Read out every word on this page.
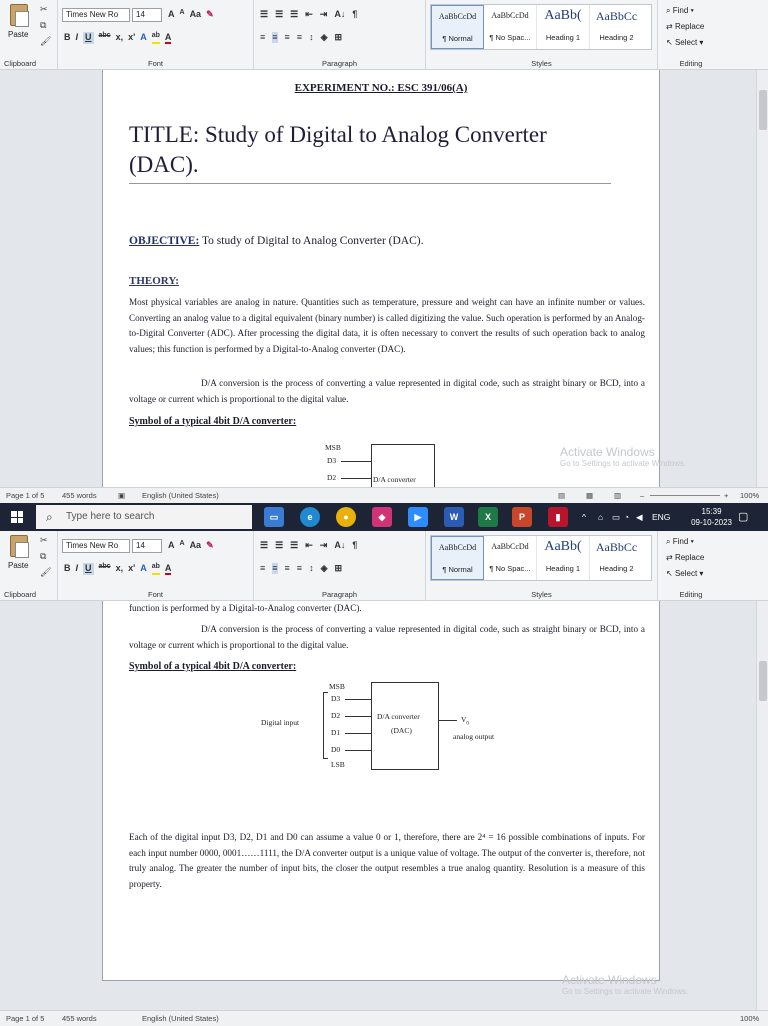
Paste
✂
⧉
🖌
Clipboard
Times New Ro	14	A A Aa ✎
B I U abc x, x' A ab A
Font
☰ ☰ ☰ ⇤ ⇥ A↓ ¶
≡ ≡ ≡ ≡ ↕ ◈ ⊞
Paragraph
AaBbCcDd
¶ Normal
AaBbCcDd
¶ No Spac...
AaBb(
Heading 1
AaBbCc
Heading 2
Styles
⌕ Find ▾
⇄ Replace
↖ Select ▾
Editing
EXPERIMENT NO.: ESC 391/06(A)
TITLE: Study of Digital to Analog Converter
(DAC).
OBJECTIVE: To study of Digital to Analog Converter (DAC).
THEORY:
Most physical variables are analog in nature. Quantities such as temperature, pressure and weight can have an infinite number or values. Converting an analog value to a digital equivalent (binary number) is called digitizing the value. Such operation is performed by an Analog-to-Digital Converter (ADC). After processing the digital data, it is often necessary to convert the results of such operation back to analog values; this function is performed by a Digital-to-Analog converter (DAC).
D/A conversion is the process of converting a value represented in digital code, such as straight binary or BCD, into a voltage or current which is proportional to the digital value.
Symbol of a typical 4bit D/A converter:
MSB
D3
D2	D/A converter
Activate Windows
Go to Settings to activate Windows.
Page 1 of 5 455 words	▣ English (United States)	▤	▦	▥	–	+ 100%
⌕ Type here to search	▭	e	●	◆	▶	W	X	P	▮	^ ⌂ ▭ ◔ ◀ ENG
15:39
09-10-2023 ▢
Paste
✂
⧉
🖌
Clipboard
Times New Ro	14	A A Aa ✎
B I U abc x, x' A ab A
Font
☰ ☰ ☰ ⇤ ⇥ A↓ ¶
≡ ≡ ≡ ≡ ↕ ◈ ⊞
Paragraph
AaBbCcDd
¶ Normal
AaBbCcDd
¶ No Spac...
AaBb(
Heading 1
AaBbCc
Heading 2
Styles
⌕ Find ▾
⇄ Replace
↖ Select ▾
Editing
function is performed by a Digital-to-Analog converter (DAC).
D/A conversion is the process of converting a value represented in digital code, such as straight binary or BCD, into a voltage or current which is proportional to the digital value.
Symbol of a typical 4bit D/A converter:
MSB
D3
D2
D1
D0
LSB
Digital input
D/A converter
(DAC)
$V_0$
analog output
Each of the digital input D3, D2, D1 and D0 can assume a value 0 or 1, therefore, there are 2⁴ = 16 possible combinations of inputs. For each input number 0000, 0001……1111, the D/A converter output is a unique value of voltage. The output of the converter is, therefore, not truly analog. The greater the number of input bits, the closer the output resembles a true analog quantity. Resolution is a measure of this property.
Activate Windows
Go to Settings to activate Windows.
Page 1 of 5 455 words	English (United States)	100%
